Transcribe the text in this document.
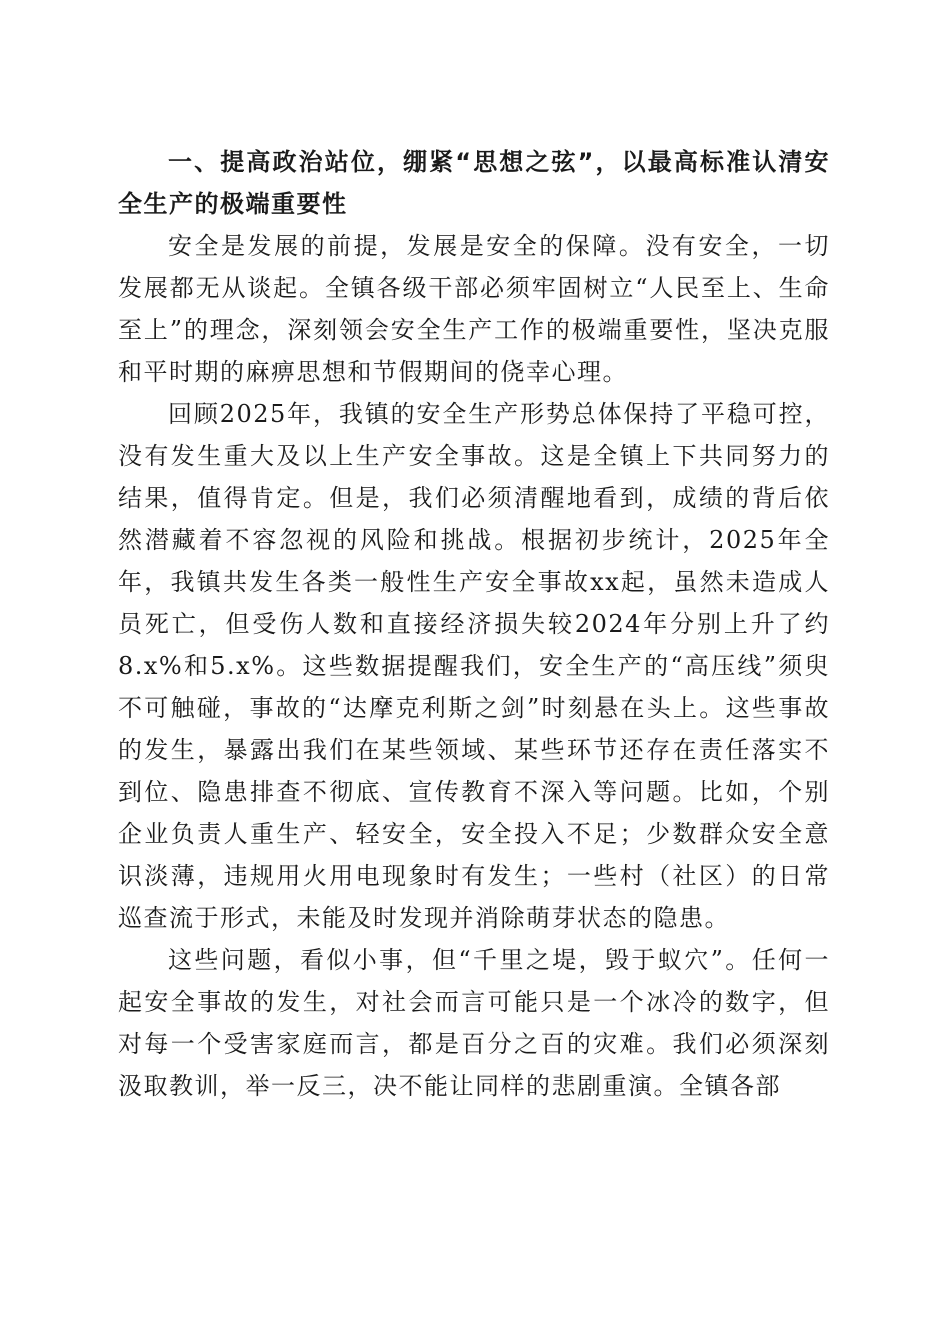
一、提高政治站位，绷紧“思想之弦”，以最高标准认清安全生产的极端重要性

安全是发展的前提，发展是安全的保障。没有安全，一切发展都无从谈起。全镇各级干部必须牢固树立“人民至上、生命至上”的理念，深刻领会安全生产工作的极端重要性，坚决克服和平时期的麻痹思想和节假期间的侥幸心理。

回顾2025年，我镇的安全生产形势总体保持了平稳可控，没有发生重大及以上生产安全事故。这是全镇上下共同努力的结果，值得肯定。但是，我们必须清醒地看到，成绩的背后依然潜藏着不容忽视的风险和挑战。根据初步统计，2025年全年，我镇共发生各类一般性生产安全事故xx起，虽然未造成人员死亡，但受伤人数和直接经济损失较2024年分别上升了约8.x%和5.x%。这些数据提醒我们，安全生产的“高压线”须臾不可触碰，事故的“达摩克利斯之剑”时刻悬在头上。这些事故的发生，暴露出我们在某些领域、某些环节还存在责任落实不到位、隐患排查不彻底、宣传教育不深入等问题。比如，个别企业负责人重生产、轻安全，安全投入不足；少数群众安全意识淡薄，违规用火用电现象时有发生；一些村（社区）的日常巡查流于形式，未能及时发现并消除萌芽状态的隐患。

这些问题，看似小事，但“千里之堤，毁于蚁穴”。任何一起安全事故的发生，对社会而言可能只是一个冰冷的数字，但对每一个受害家庭而言，都是百分之百的灾难。我们必须深刻汲取教训，举一反三，决不能让同样的悲剧重演。全镇各部
